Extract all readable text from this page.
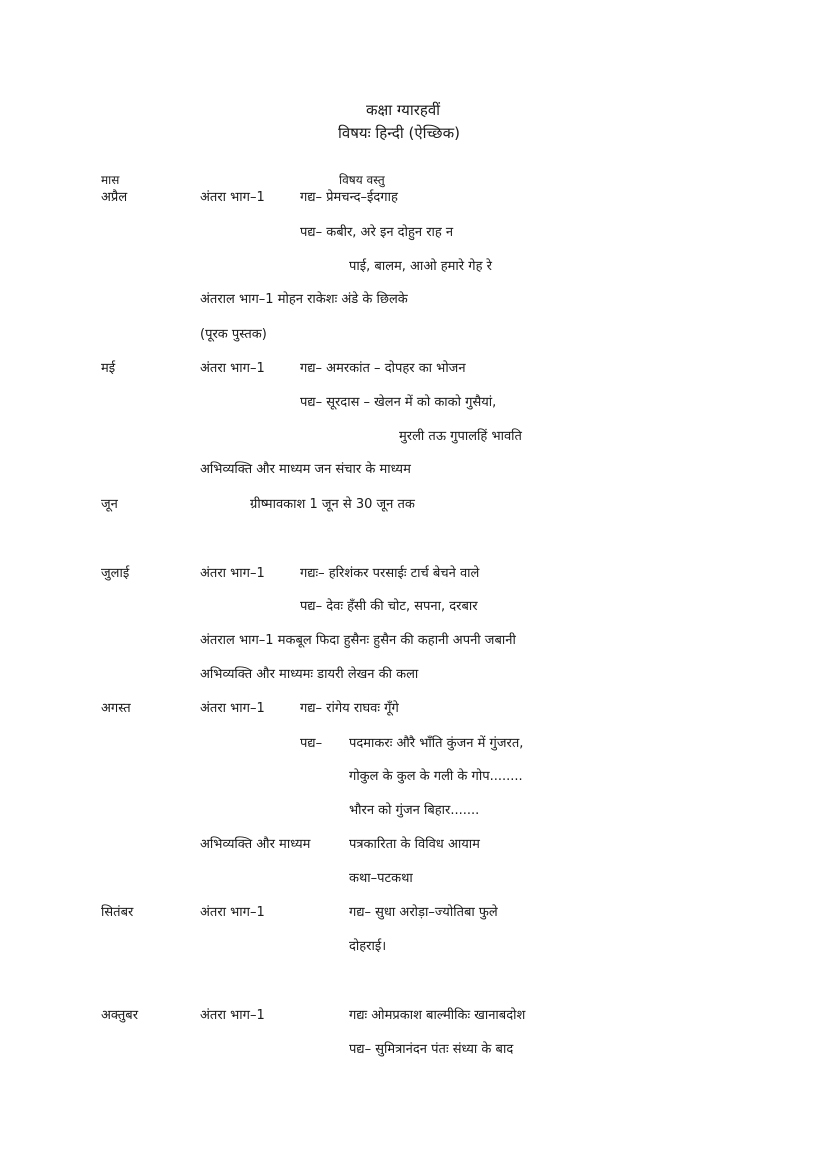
कक्षा ग्यारहवीं
विषयः हिन्दी (ऐच्छिक)
मास	विषय वस्तु
अप्रैल	अंतरा भाग–1	गद्य– प्रेमचन्द–ईदगाह
पद्य– कबीर, अरे इन दोहुन राह न
पाई, बालम, आओ हमारे गेह रे
अंतराल भाग–1 मोहन राकेशः अंडे के छिलके
(पूरक पुस्तक)
मई	अंतरा भाग–1	गद्य– अमरकांत – दोपहर का भोजन
पद्य– सूरदास – खेलन में को काको गुसैयां,
मुरली तऊ गुपालहिं भावति
अभिव्यक्ति और माध्यम जन संचार के माध्यम
जून	ग्रीष्मावकाश 1 जून से 30 जून तक
जुलाई	अंतरा भाग–1	गद्यः– हरिशंकर परसाईः टार्च बेचने वाले
पद्य– देवः हँसी की चोट, सपना, दरबार
अंतराल भाग–1 मकबूल फिदा हुसैनः हुसैन की कहानी अपनी जबानी
अभिव्यक्ति और माध्यमः डायरी लेखन की कला
अगस्त	अंतरा भाग–1	गद्य– रांगेय राघवः गूँगे
पद्य– पदमाकरः औरै भाँति कुंजन में गुंजरत,
गोकुल के कुल के गली के गोप........
भौरन को गुंजन बिहार.......
अभिव्यक्ति और माध्यम	पत्रकारिता के विविध आयाम
कथा–पटकथा
सितंबर	अंतरा भाग–1	गद्य– सुधा अरोड़ा–ज्योतिबा फुले
दोहराई।
अक्तुबर	अंतरा भाग–1	गद्यः ओमप्रकाश बाल्मीकिः खानाबदोश
पद्य– सुमित्रानंदन पंतः संध्या के बाद
